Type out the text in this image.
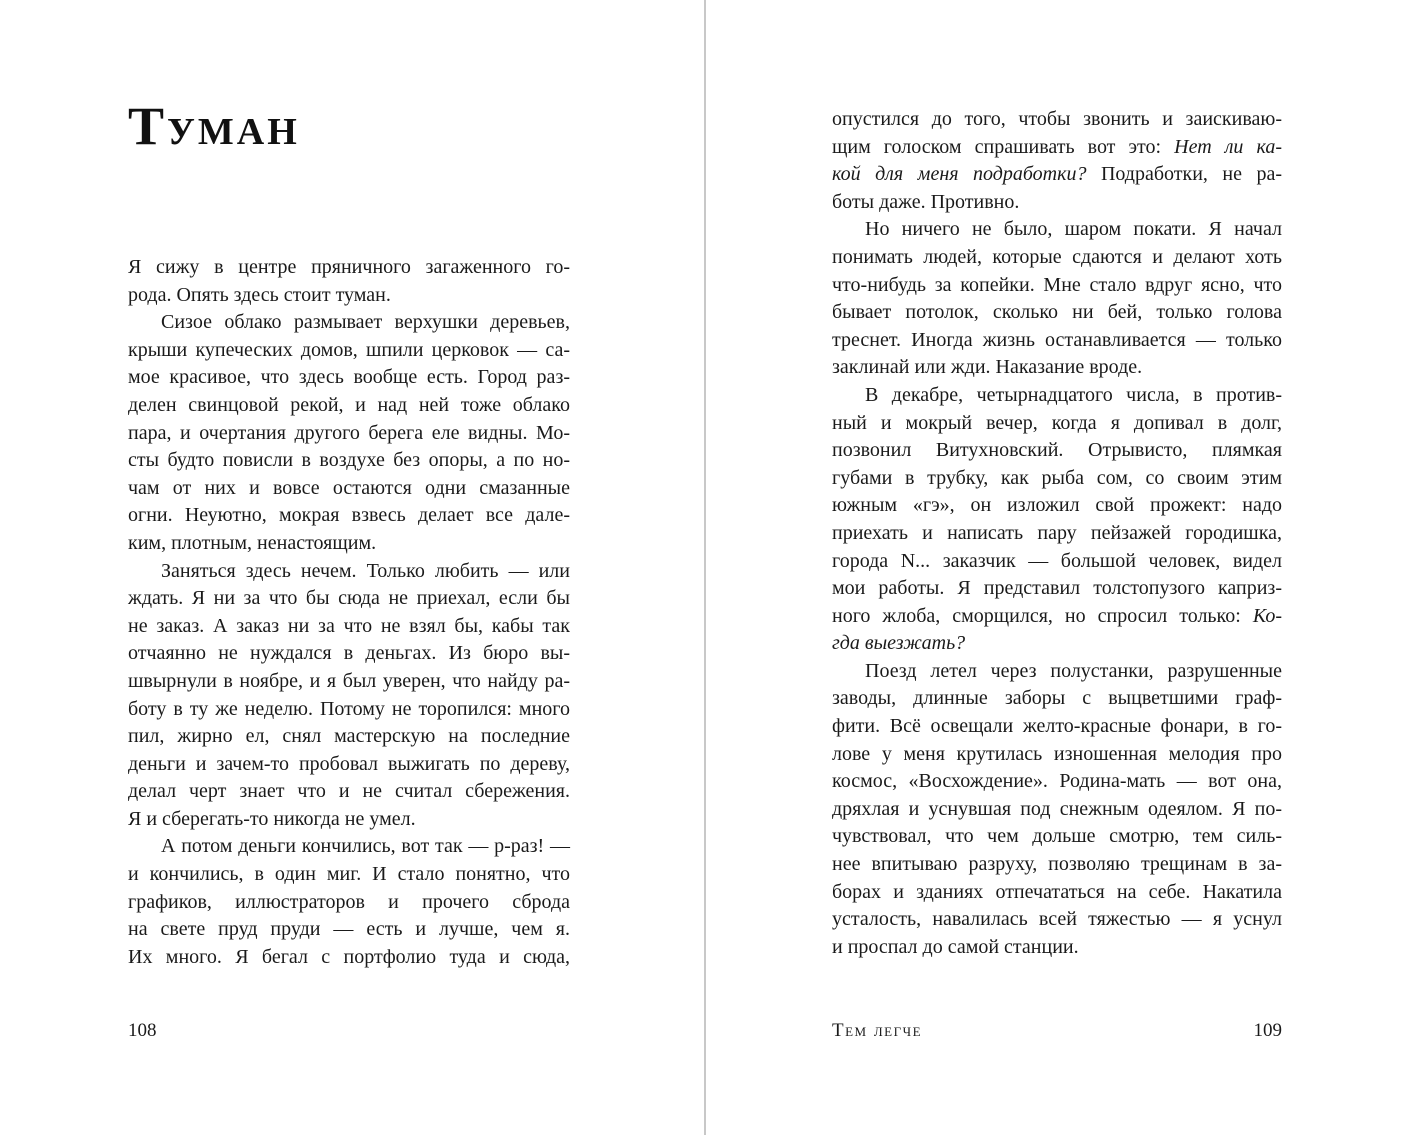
Туман
Я сижу в центре пряничного загаженного го-
рода. Опять здесь стоит туман.
Сизое облако размывает верхушки деревьев,
крыши купеческих домов, шпили церковок — са-
мое красивое, что здесь вообще есть. Город раз-
делен свинцовой рекой, и над ней тоже облако
пара, и очертания другого берега еле видны. Мо-
сты будто повисли в воздухе без опоры, а по но-
чам от них и вовсе остаются одни смазанные
огни. Неуютно, мокрая взвесь делает все дале-
ким, плотным, ненастоящим.
Заняться здесь нечем. Только любить — или
ждать. Я ни за что бы сюда не приехал, если бы
не заказ. А заказ ни за что не взял бы, кабы так
отчаянно не нуждался в деньгах. Из бюро вы-
швырнули в ноябре, и я был уверен, что найду ра-
боту в ту же неделю. Потому не торопился: много
пил, жирно ел, снял мастерскую на последние
деньги и зачем-то пробовал выжигать по дереву,
делал черт знает что и не считал сбережения.
Я и сберегать-то никогда не умел.
А потом деньги кончились, вот так — р-раз! —
и кончились, в один миг. И стало понятно, что
графиков, иллюстраторов и прочего сброда
на свете пруд пруди — есть и лучше, чем я.
Их много. Я бегал с портфолио туда и сюда,
108
опустился до того, чтобы звонить и заискиваю-
щим голоском спрашивать вот это: Нет ли ка-
кой для меня подработки? Подработки, не ра-
боты даже. Противно.
Но ничего не было, шаром покати. Я начал
понимать людей, которые сдаются и делают хоть
что-нибудь за копейки. Мне стало вдруг ясно, что
бывает потолок, сколько ни бей, только голова
треснет. Иногда жизнь останавливается — только
заклинай или жди. Наказание вроде.
В декабре, четырнадцатого числа, в против-
ный и мокрый вечер, когда я допивал в долг,
позвонил Витухновский. Отрывисто, плямкая
губами в трубку, как рыба сом, со своим этим
южным «гэ», он изложил свой прожект: надо
приехать и написать пару пейзажей городишка,
города N... заказчик — большой человек, видел
мои работы. Я представил толстопузого каприз-
ного жлоба, сморщился, но спросил только: Ко-
гда выезжать?
Поезд летел через полустанки, разрушенные
заводы, длинные заборы с выцветшими граф-
фити. Всё освещали желто-красные фонари, в го-
лове у меня крутилась изношенная мелодия про
космос, «Восхождение». Родина-мать — вот она,
дряхлая и уснувшая под снежным одеялом. Я по-
чувствовал, что чем дольше смотрю, тем силь-
нее впитываю разруху, позволяю трещинам в за-
борах и зданиях отпечататься на себе. Накатила
усталость, навалилась всей тяжестью — я уснул
и проспал до самой станции.
Тем легче	109
